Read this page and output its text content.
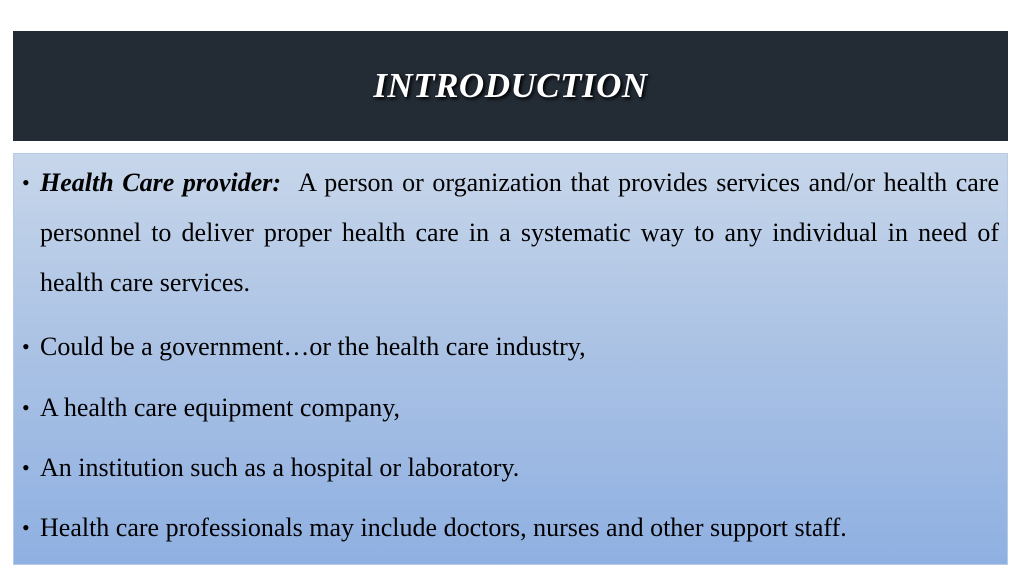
INTRODUCTION
• Health Care provider: A person or organization that provides services and/or health care personnel to deliver proper health care in a systematic way to any individual in need of health care services.
• Could be a government…or the health care industry,
• A health care equipment company,
• An institution such as a hospital or laboratory.
• Health care professionals may include doctors, nurses and other support staff.
